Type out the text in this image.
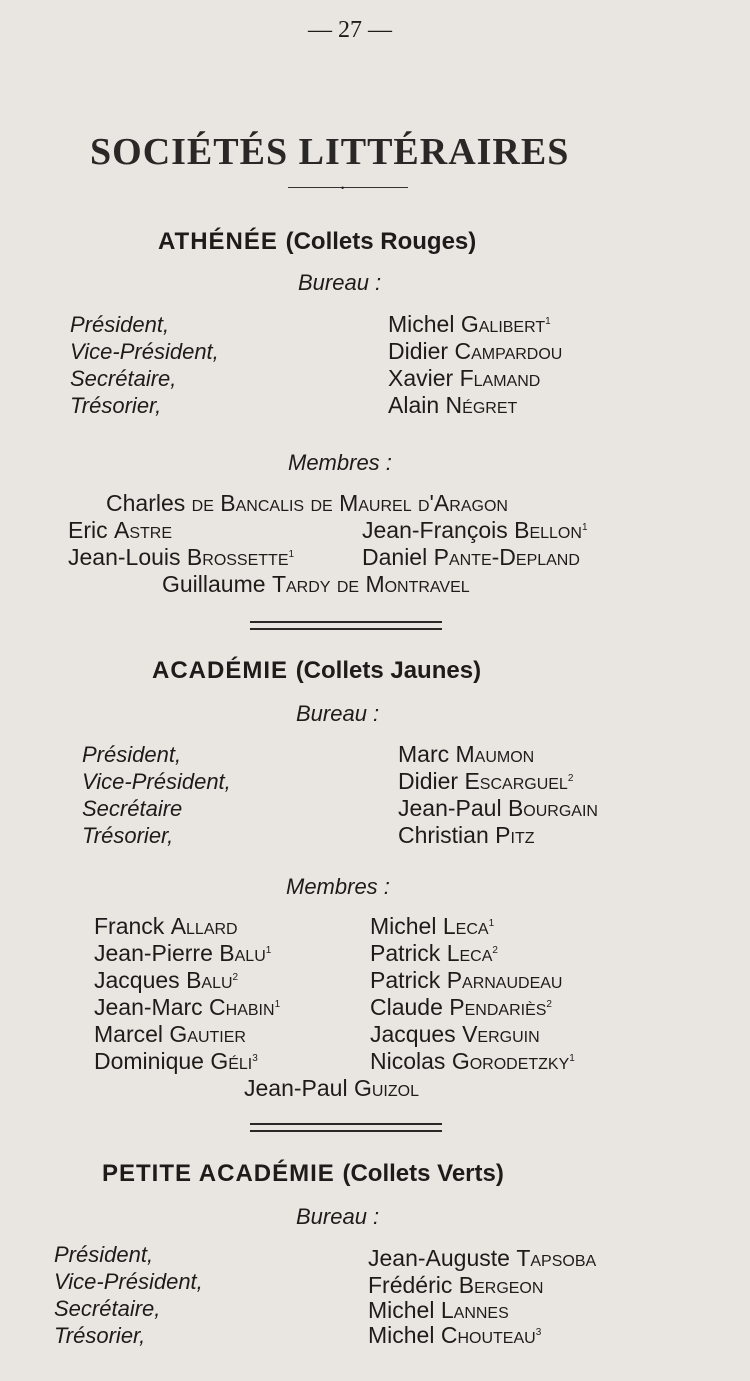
— 27 —
SOCIÉTÉS LITTÉRAIRES
•
ATHÉNÉE (Collets Rouges)
Bureau :
Président,
Vice-Président,
Secrétaire,
Trésorier,
Michel Galibert$^1$
Didier Campardou
Xavier Flamand
Alain Négret
Membres :
Charles de Bancalis de Maurel d'Aragon
Eric Astre	Jean-François Bellon$^1$
Jean-Louis Brossette$^1$	Daniel Pante-Depland
Guillaume Tardy de Montravel
ACADÉMIE (Collets Jaunes)
Bureau :
Président,
Vice-Président,
Secrétaire
Trésorier,
Marc Maumon
Didier Escarguel$^2$
Jean-Paul Bourgain
Christian Pitz
Membres :
Franck Allard
Jean-Pierre Balu$^1$
Jacques Balu$^2$
Jean-Marc Chabin$^1$
Marcel Gautier
Dominique Géli$^3$
Michel Leca$^1$
Patrick Leca$^2$
Patrick Parnaudeau
Claude Pendariès$^2$
Jacques Verguin
Nicolas Gorodetzky$^1$
Jean-Paul Guizol
PETITE ACADÉMIE (Collets Verts)
Bureau :
Président,
Vice-Président,
Secrétaire,
Trésorier,
Jean-Auguste Tapsoba
Frédéric Bergeon
Michel Lannes
Michel Chouteau$^3$
